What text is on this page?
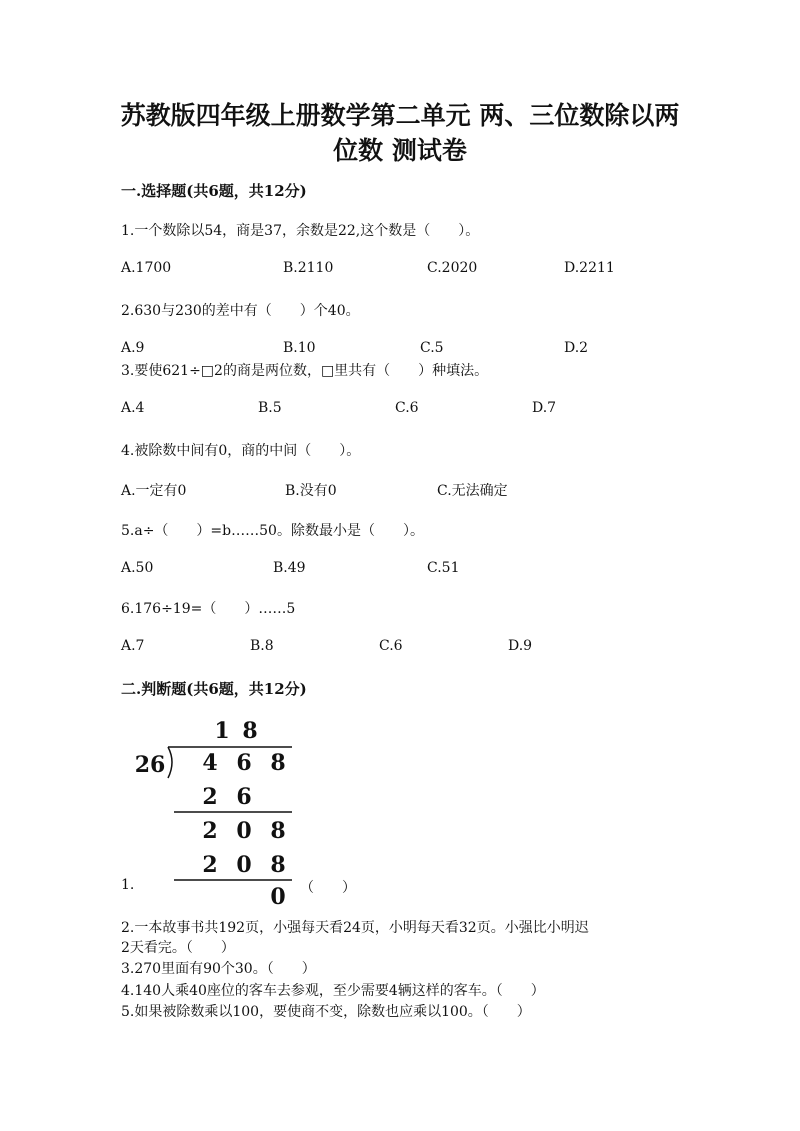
苏教版四年级上册数学第二单元 两、三位数除以两
位数 测试卷
一.选择题(共6题，共12分)
1.一个数除以54，商是37，余数是22,这个数是（　　）。
A.1700	B.2110	C.2020	D.2211
2.630与230的差中有（　　）个40。
A.9	B.10	C.5	D.2
3.要使621÷□2的商是两位数，□里共有（　　）种填法。
A.4	B.5	C.6	D.7
4.被除数中间有0，商的中间（　　）。
A.一定有0	B.没有0	C.无法确定
5.a÷（　　）=b……50。除数最小是（　　）。
A.50	B.49	C.51
6.176÷19=（　　）……5
A.7	B.8	C.6	D.9
二.判断题(共6题，共12分)
1 8
26 4 6 8
2 6
2 0 8
2 0 8
0
1.	（　　）
2.一本故事书共192页，小强每天看24页，小明每天看32页。小强比小明迟
2天看完。（　　）
3.270里面有90个30。（　　）
4.140人乘40座位的客车去参观，至少需要4辆这样的客车。（　　）
5.如果被除数乘以100，要使商不变，除数也应乘以100。（　　）
